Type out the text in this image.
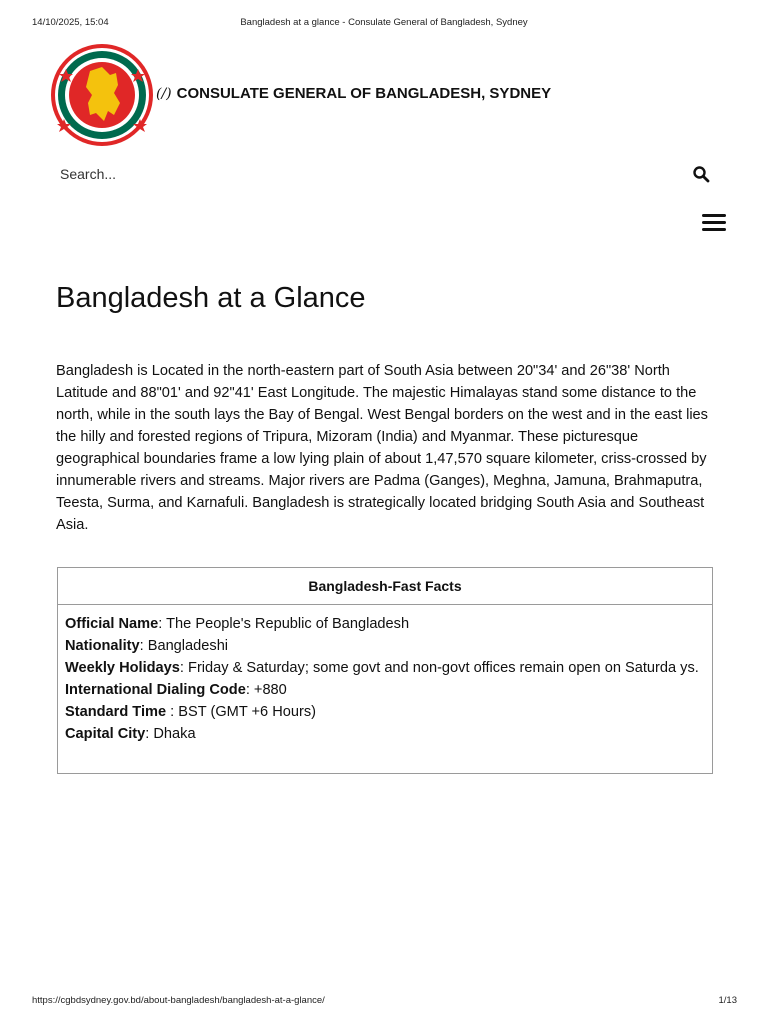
14/10/2025, 15:04	Bangladesh at a glance - Consulate General of Bangladesh, Sydney
(/) CONSULATE GENERAL OF BANGLADESH, SYDNEY
Search...
Bangladesh at a Glance

Bangladesh is Located in the north-eastern part of South Asia between 20"34' and 26"38' North Latitude and 88"01' and 92"41' East Longitude. The majestic Himalayas stand some distance to the north, while in the south lays the Bay of Bengal. West Bengal borders on the west and in the east lies the hilly and forested regions of Tripura, Mizoram (India) and Myanmar. These picturesque geographical boundaries frame a low lying plain of about 1,47,570 square kilometer, criss-crossed by innumerable rivers and streams. Major rivers are Padma (Ganges), Meghna, Jamuna, Brahmaputra, Teesta, Surma, and Karnafuli. Bangladesh is strategically located bridging South Asia and Southeast Asia.

Bangladesh-Fast Facts

Official Name: The People's Republic of Bangladesh

Nationality: Bangladeshi

Weekly Holidays: Friday & Saturday; some govt and non-govt offices remain open on Saturda ys.

International Dialing Code: +880

Standard Time : BST (GMT +6 Hours)

Capital City: Dhaka

https://cgbdsydney.gov.bd/about-bangladesh/bangladesh-at-a-glance/	1/13
